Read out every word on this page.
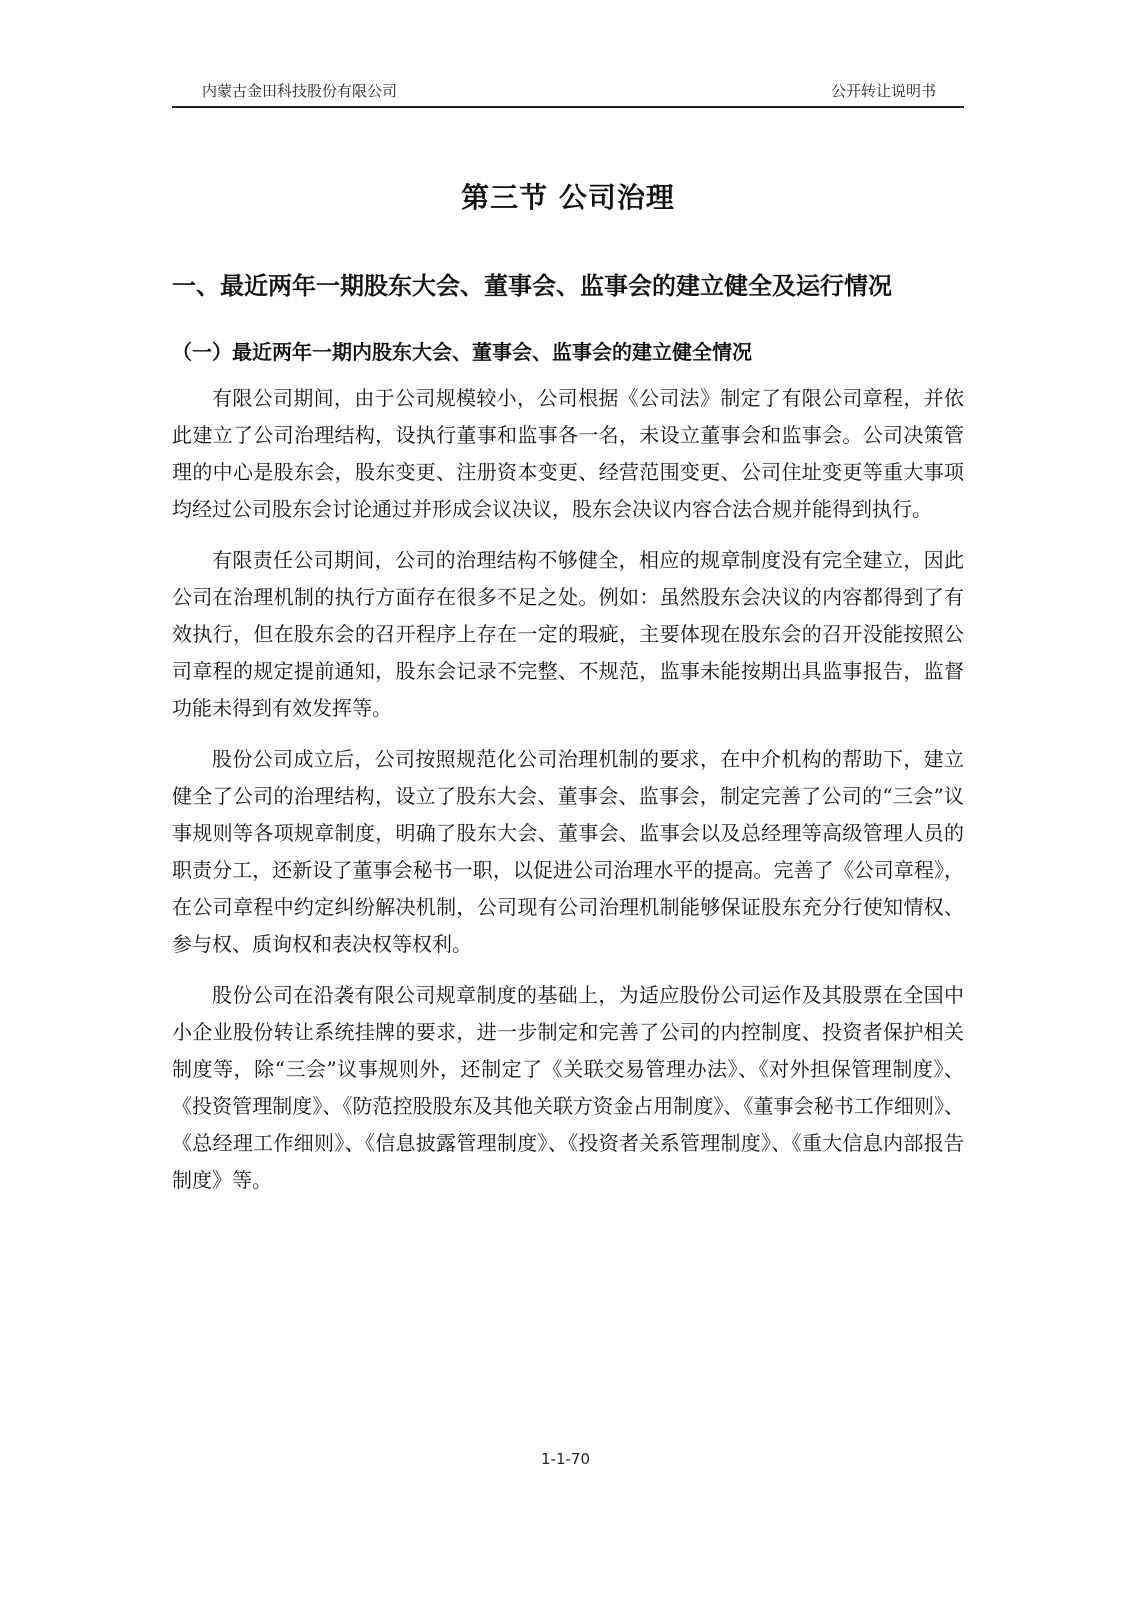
内蒙古金田科技股份有限公司	公开转让说明书
第三节 公司治理
一、最近两年一期股东大会、董事会、监事会的建立健全及运行情况
（一）最近两年一期内股东大会、董事会、监事会的建立健全情况

有限公司期间，由于公司规模较小，公司根据《公司法》制定了有限公司章程，并依此建立了公司治理结构，设执行董事和监事各一名，未设立董事会和监事会。公司决策管理的中心是股东会，股东变更、注册资本变更、经营范围变更、公司住址变更等重大事项均经过公司股东会讨论通过并形成会议决议，股东会决议内容合法合规并能得到执行。

有限责任公司期间，公司的治理结构不够健全，相应的规章制度没有完全建立，因此公司在治理机制的执行方面存在很多不足之处。例如：虽然股东会决议的内容都得到了有效执行，但在股东会的召开程序上存在一定的瑕疵，主要体现在股东会的召开没能按照公司章程的规定提前通知，股东会记录不完整、不规范，监事未能按期出具监事报告，监督功能未得到有效发挥等。

股份公司成立后，公司按照规范化公司治理机制的要求，在中介机构的帮助下，建立健全了公司的治理结构，设立了股东大会、董事会、监事会，制定完善了公司的“三会”议事规则等各项规章制度，明确了股东大会、董事会、监事会以及总经理等高级管理人员的职责分工，还新设了董事会秘书一职，以促进公司治理水平的提高。完善了《公司章程》，在公司章程中约定纠纷解决机制，公司现有公司治理机制能够保证股东充分行使知情权、参与权、质询权和表决权等权利。

股份公司在沿袭有限公司规章制度的基础上，为适应股份公司运作及其股票在全国中小企业股份转让系统挂牌的要求，进一步制定和完善了公司的内控制度、投资者保护相关制度等，除“三会”议事规则外，还制定了《关联交易管理办法》、《对外担保管理制度》、《投资管理制度》、《防范控股股东及其他关联方资金占用制度》、《董事会秘书工作细则》、《总经理工作细则》、《信息披露管理制度》、《投资者关系管理制度》、《重大信息内部报告制度》等。

1-1-70
